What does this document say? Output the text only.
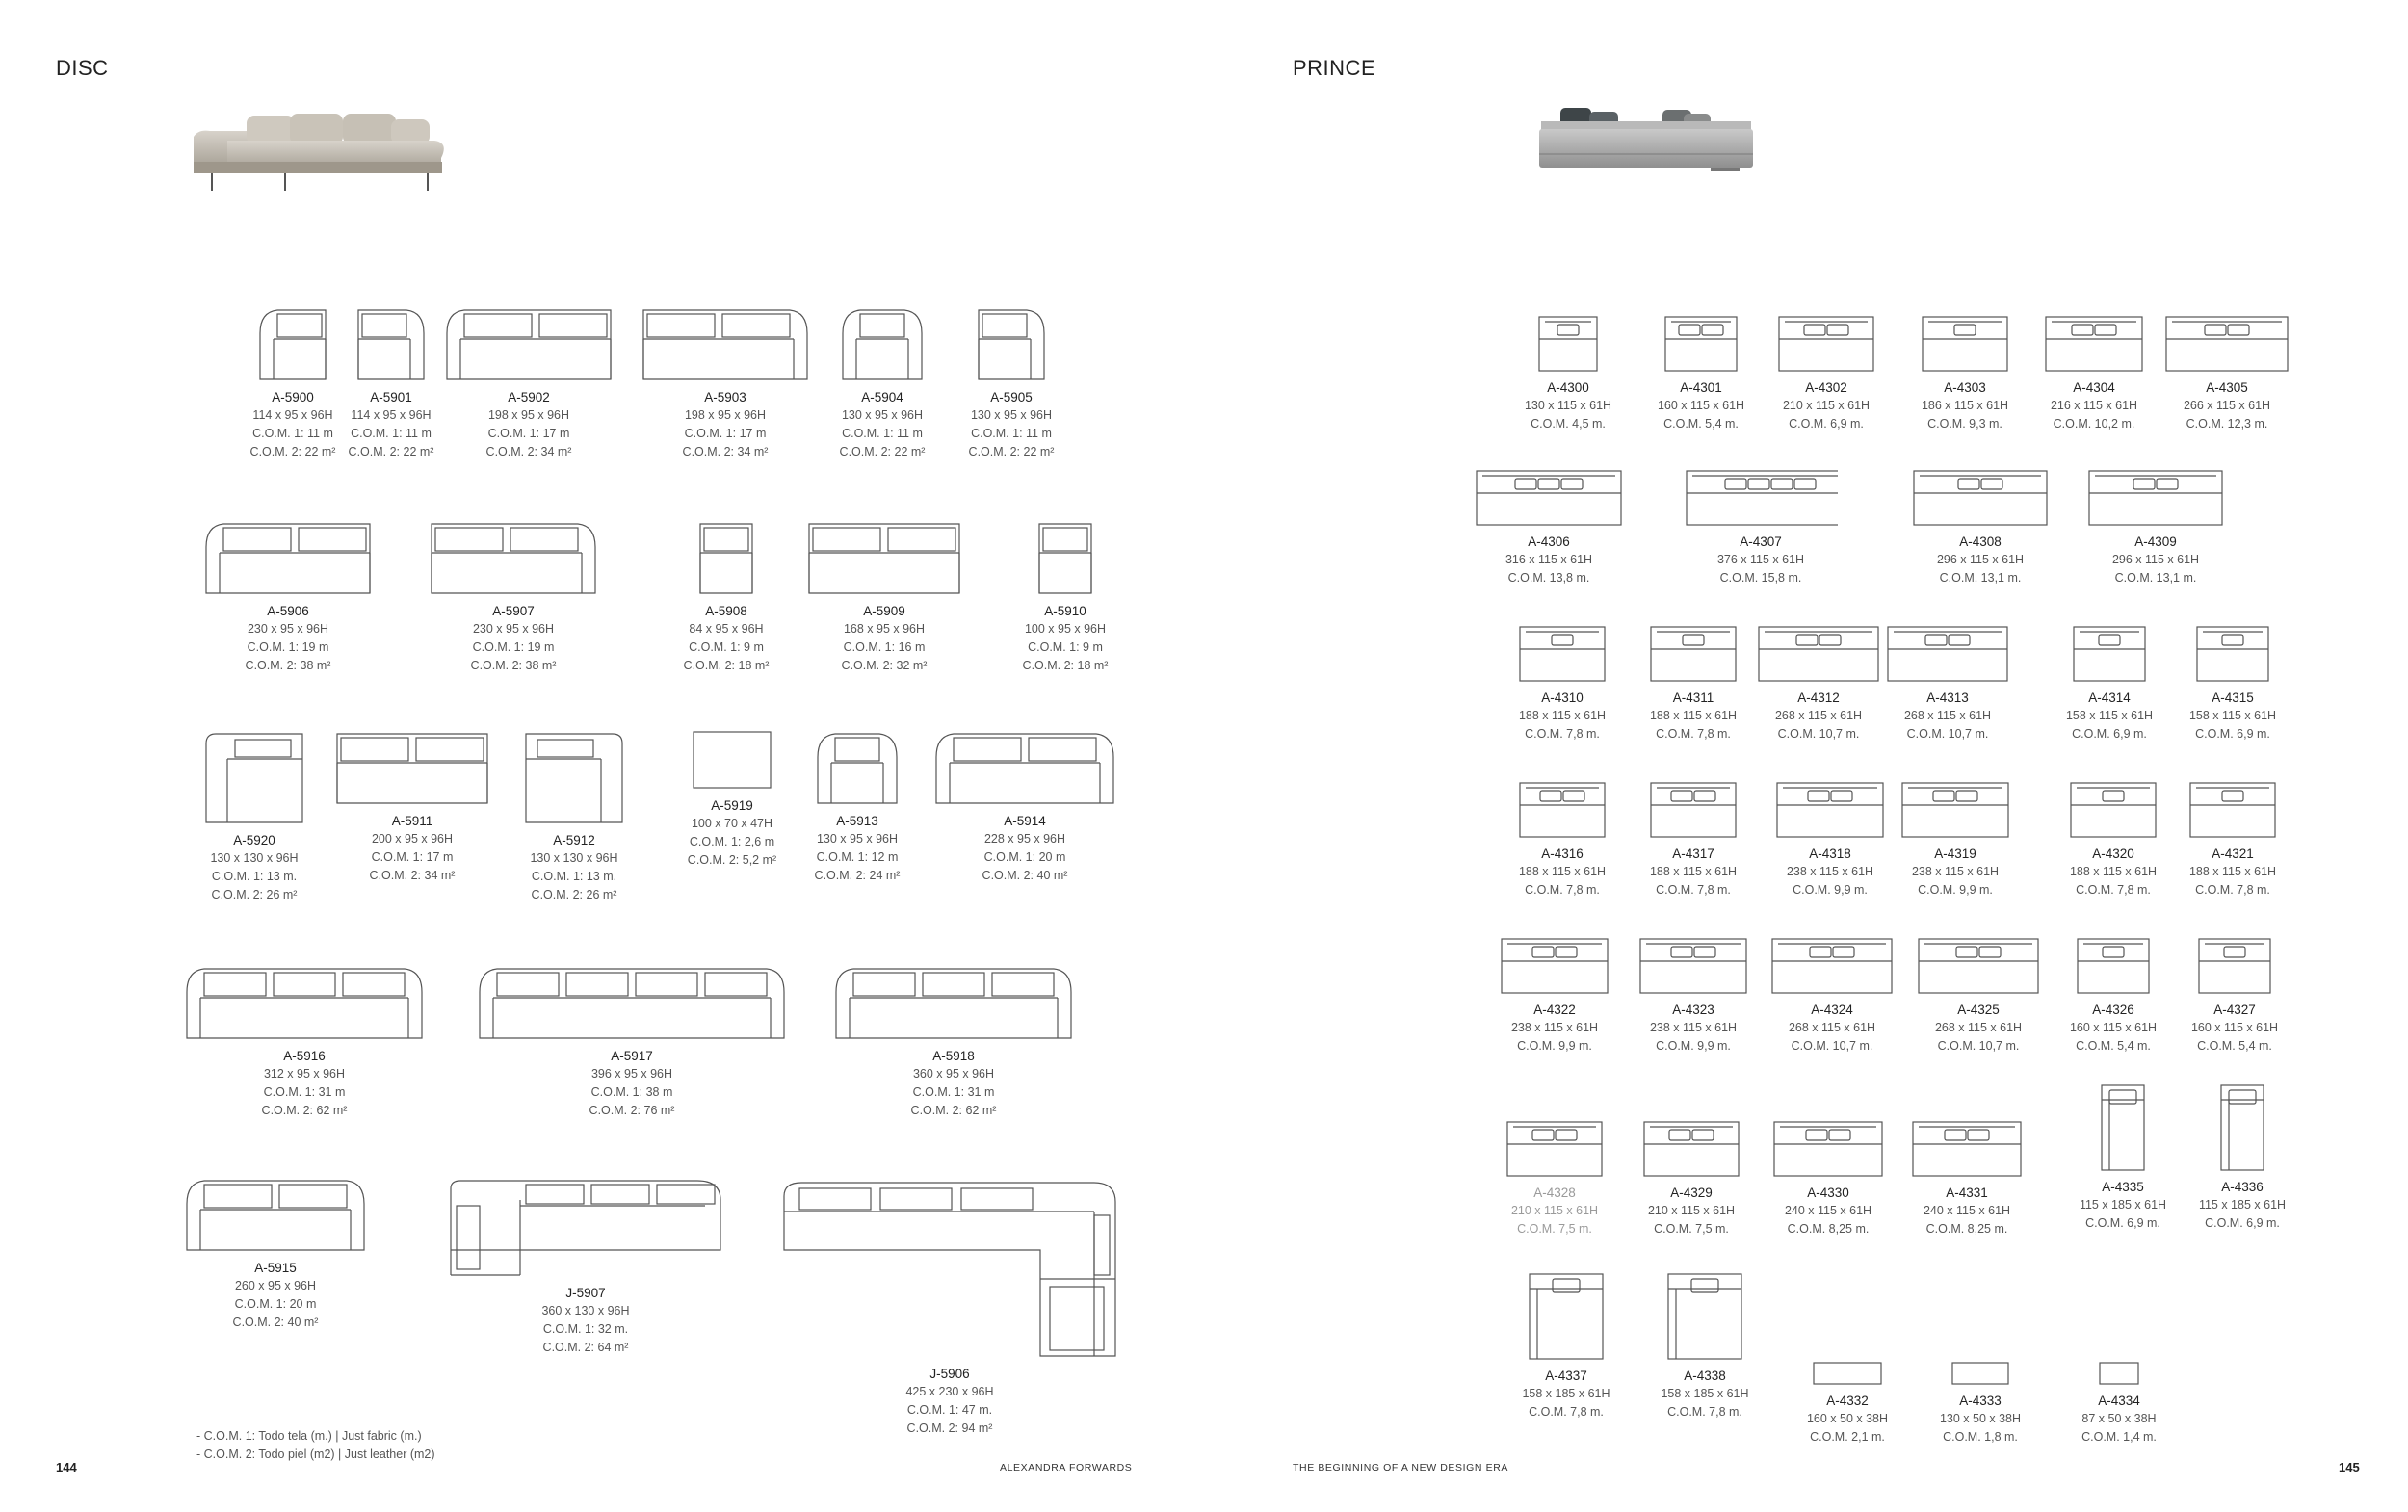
DISC
A-5900
114 x 95 x 96H
C.O.M. 1: 11 m
C.O.M. 2: 22 m²
A-5901
114 x 95 x 96H
C.O.M. 1: 11 m
C.O.M. 2: 22 m²
A-5902
198 x 95 x 96H
C.O.M. 1: 17 m
C.O.M. 2: 34 m²
A-5903
198 x 95 x 96H
C.O.M. 1: 17 m
C.O.M. 2: 34 m²
A-5904
130 x 95 x 96H
C.O.M. 1: 11 m
C.O.M. 2: 22 m²
A-5905
130 x 95 x 96H
C.O.M. 1: 11 m
C.O.M. 2: 22 m²
A-5906
230 x 95 x 96H
C.O.M. 1: 19 m
C.O.M. 2: 38 m²
A-5907
230 x 95 x 96H
C.O.M. 1: 19 m
C.O.M. 2: 38 m²
A-5908
84 x 95 x 96H
C.O.M. 1: 9 m
C.O.M. 2: 18 m²
A-5909
168 x 95 x 96H
C.O.M. 1: 16 m
C.O.M. 2: 32 m²
A-5910
100 x 95 x 96H
C.O.M. 1: 9 m
C.O.M. 2: 18 m²
A-5920
130 x 130 x 96H
C.O.M. 1: 13 m.
C.O.M. 2: 26 m²
A-5911
200 x 95 x 96H
C.O.M. 1: 17 m
C.O.M. 2: 34 m²
A-5912
130 x 130 x 96H
C.O.M. 1: 13 m.
C.O.M. 2: 26 m²
A-5919
100 x 70 x 47H
C.O.M. 1: 2,6 m
C.O.M. 2: 5,2 m²
A-5913
130 x 95 x 96H
C.O.M. 1: 12 m
C.O.M. 2: 24 m²
A-5914
228 x 95 x 96H
C.O.M. 1: 20 m
C.O.M. 2: 40 m²
A-5916
312 x 95 x 96H
C.O.M. 1: 31 m
C.O.M. 2: 62 m²
A-5917
396 x 95 x 96H
C.O.M. 1: 38 m
C.O.M. 2: 76 m²
A-5918
360 x 95 x 96H
C.O.M. 1: 31 m
C.O.M. 2: 62 m²
A-5915
260 x 95 x 96H
C.O.M. 1: 20 m
C.O.M. 2: 40 m²
J-5907
360 x 130 x 96H
C.O.M. 1: 32 m.
C.O.M. 2: 64 m²
J-5906
425 x 230 x 96H
C.O.M. 1: 47 m.
C.O.M. 2: 94 m²
- C.O.M. 1: Todo tela (m.) | Just fabric (m.)
- C.O.M. 2: Todo piel (m2) | Just leather (m2)
144	ALEXANDRA FORWARDS
PRINCE
A-4300
130 x 115 x 61H
C.O.M. 4,5 m.
A-4301
160 x 115 x 61H
C.O.M. 5,4 m.
A-4302
210 x 115 x 61H
C.O.M. 6,9 m.
A-4303
186 x 115 x 61H
C.O.M. 9,3 m.
A-4304
216 x 115 x 61H
C.O.M. 10,2 m.
A-4305
266 x 115 x 61H
C.O.M. 12,3 m.
A-4306
316 x 115 x 61H
C.O.M. 13,8 m.
A-4307
376 x 115 x 61H
C.O.M. 15,8 m.
A-4308
296 x 115 x 61H
C.O.M. 13,1 m.
A-4309
296 x 115 x 61H
C.O.M. 13,1 m.
A-4310
188 x 115 x 61H
C.O.M. 7,8 m.
A-4311
188 x 115 x 61H
C.O.M. 7,8 m.
A-4312
268 x 115 x 61H
C.O.M. 10,7 m.
A-4313
268 x 115 x 61H
C.O.M. 10,7 m.
A-4314
158 x 115 x 61H
C.O.M. 6,9 m.
A-4315
158 x 115 x 61H
C.O.M. 6,9 m.
A-4316
188 x 115 x 61H
C.O.M. 7,8 m.
A-4317
188 x 115 x 61H
C.O.M. 7,8 m.
A-4318
238 x 115 x 61H
C.O.M. 9,9 m.
A-4319
238 x 115 x 61H
C.O.M. 9,9 m.
A-4320
188 x 115 x 61H
C.O.M. 7,8 m.
A-4321
188 x 115 x 61H
C.O.M. 7,8 m.
A-4322
238 x 115 x 61H
C.O.M. 9,9 m.
A-4323
238 x 115 x 61H
C.O.M. 9,9 m.
A-4324
268 x 115 x 61H
C.O.M. 10,7 m.
A-4325
268 x 115 x 61H
C.O.M. 10,7 m.
A-4326
160 x 115 x 61H
C.O.M. 5,4 m.
A-4327
160 x 115 x 61H
C.O.M. 5,4 m.
A-4328
210 x 115 x 61H
C.O.M. 7,5 m.
A-4329
210 x 115 x 61H
C.O.M. 7,5 m.
A-4330
240 x 115 x 61H
C.O.M. 8,25 m.
A-4331
240 x 115 x 61H
C.O.M. 8,25 m.
A-4335
115 x 185 x 61H
C.O.M. 6,9 m.
A-4336
115 x 185 x 61H
C.O.M. 6,9 m.
A-4337
158 x 185 x 61H
C.O.M. 7,8 m.
A-4338
158 x 185 x 61H
C.O.M. 7,8 m.
A-4332
160 x 50 x 38H
C.O.M. 2,1 m.
A-4333
130 x 50 x 38H
C.O.M. 1,8 m.
A-4334
87 x 50 x 38H
C.O.M. 1,4 m.
THE BEGINNING OF A NEW DESIGN ERA	145
